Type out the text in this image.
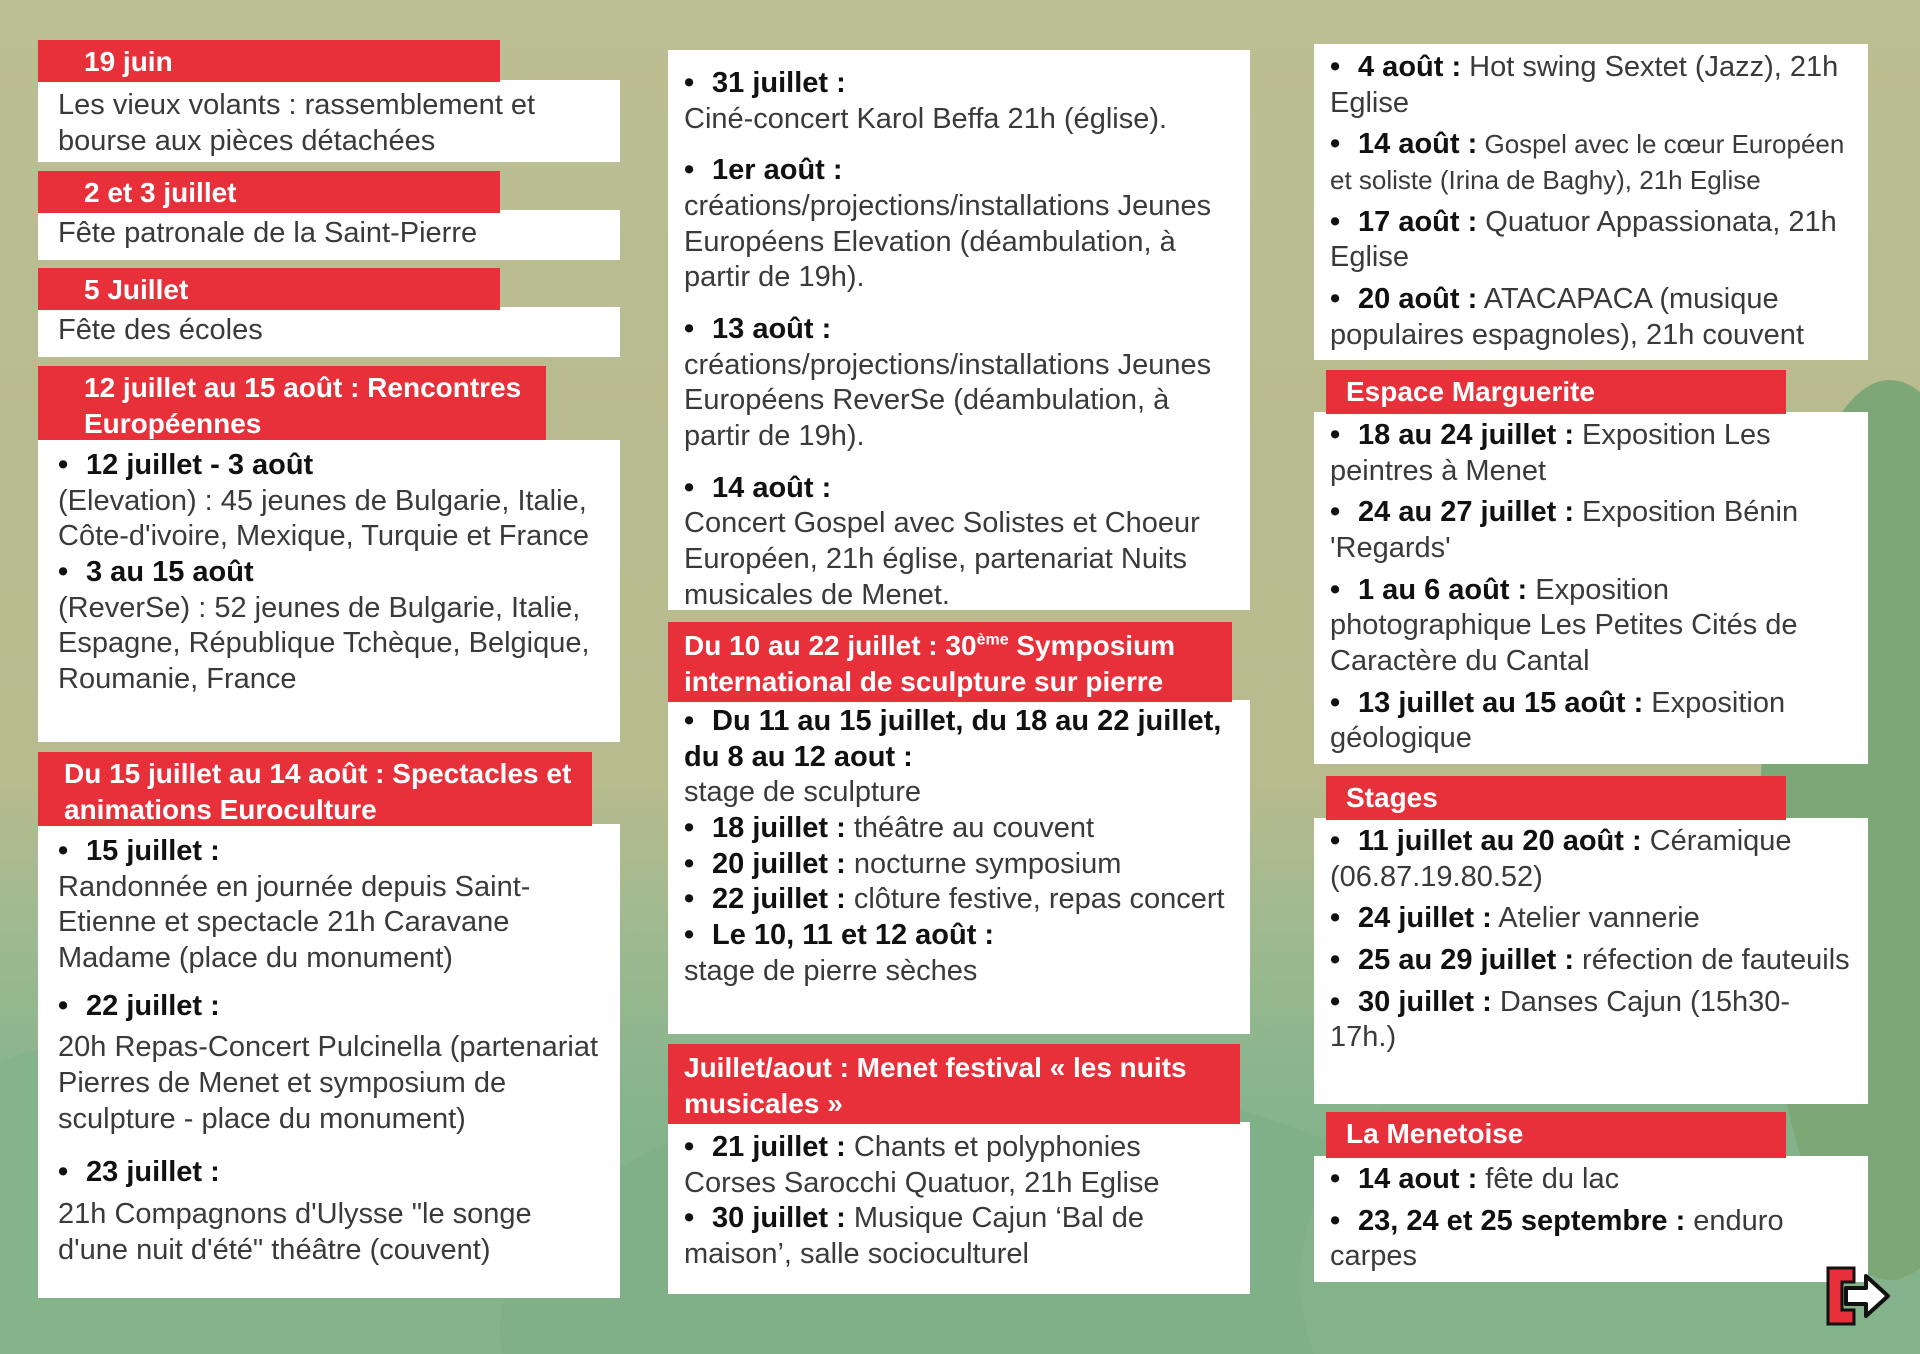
Les vieux volants : rassemblement et bourse aux pièces détachées

19 juin

Fête patronale de la Saint-Pierre

2 et 3 juillet

Fête des écoles

5 Juillet

• 12 juillet - 3 août

(Elevation) : 45 jeunes de Bulgarie, Italie, Côte-d'ivoire, Mexique, Turquie et France

• 3 au 15 août

(ReverSe) : 52 jeunes de Bulgarie, Italie, Espagne, République Tchèque, Belgique, Roumanie, France

12 juillet au 15 août : Rencontres Européennes

• 15 juillet :

Randonnée en journée depuis Saint-Etienne et spectacle 21h Caravane Madame (place du monument)

• 22 juillet :

20h Repas-Concert Pulcinella (partenariat Pierres de Menet et symposium de sculpture - place du monument)

• 23 juillet :

21h Compagnons d'Ulysse "le songe d'une nuit d'été" théâtre (couvent)

Du 15 juillet au 14 août : Spectacles et animations Euroculture

• 31 juillet :

Ciné-concert Karol Beffa 21h (église).

• 1er août :

créations/projections/installations Jeunes Européens Elevation (déambulation, à partir de 19h).

• 13 août :

créations/projections/installations Jeunes Européens ReverSe (déambulation, à partir de 19h).

• 14 août :

Concert Gospel avec Solistes et Choeur Européen, 21h église, partenariat Nuits musicales de Menet.

• Du 11 au 15 juillet, du 18 au 22 juillet, du 8 au 12 aout :

stage de sculpture

• 18 juillet : théâtre au couvent

• 20 juillet : nocturne symposium

• 22 juillet : clôture festive, repas concert

• Le 10, 11 et 12 août :

stage de pierre sèches

Du 10 au 22 juillet : 30ème Symposium international de sculpture sur pierre

• 21 juillet : Chants et polyphonies Corses Sarocchi Quatuor, 21h Eglise

• 30 juillet : Musique Cajun ‘Bal de maison’, salle socioculturel

Juillet/aout : Menet festival « les nuits musicales »

• 4 août : Hot swing Sextet (Jazz), 21h Eglise

• 14 août : Gospel avec le cœur Européen et soliste (Irina de Baghy), 21h Eglise

• 17 août : Quatuor Appassionata, 21h Eglise

• 20 août : ATACAPACA (musique populaires espagnoles), 21h couvent

• 18 au 24 juillet : Exposition Les peintres à Menet

• 24 au 27 juillet : Exposition Bénin 'Regards'

• 1 au 6 août : Exposition photographique Les Petites Cités de Caractère du Cantal

• 13 juillet au 15 août : Exposition géologique

Espace Marguerite

• 11 juillet au 20 août : Céramique (06.87.19.80.52)

• 24 juillet : Atelier vannerie

• 25 au 29 juillet : réfection de fauteuils

• 30 juillet : Danses Cajun (15h30-17h.)

Stages

• 14 aout : fête du lac

• 23, 24 et 25 septembre : enduro carpes

La Menetoise
